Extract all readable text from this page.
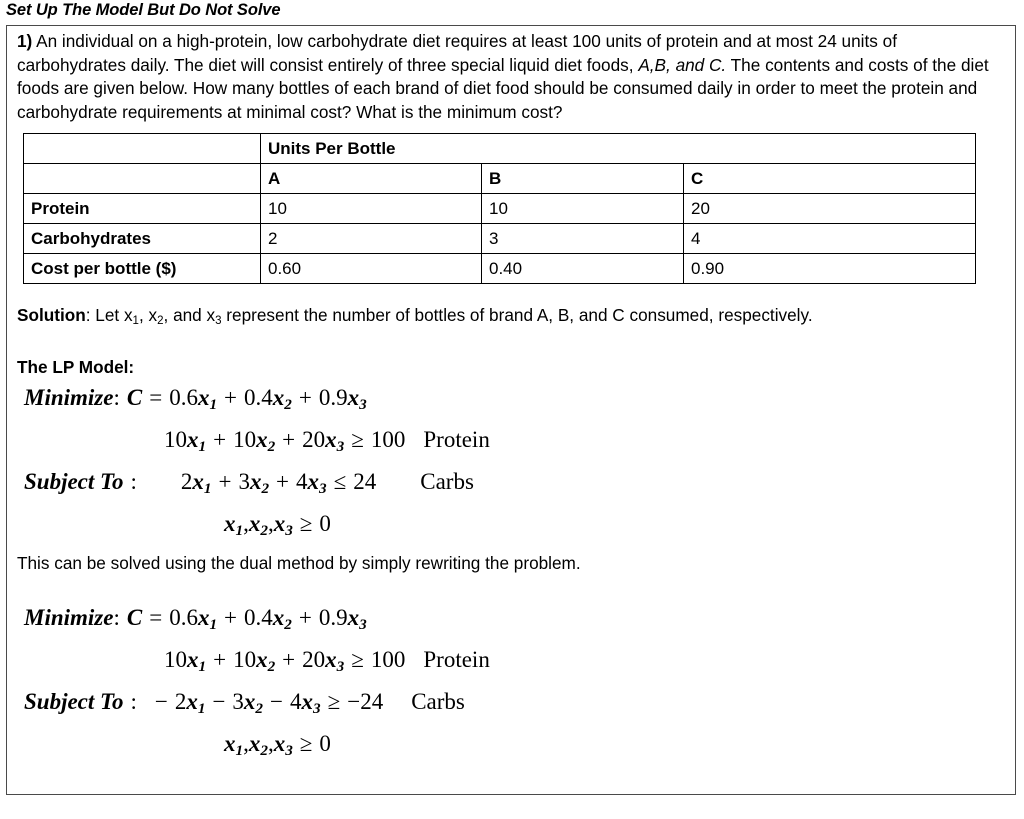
Set Up The Model But Do Not Solve

1) An individual on a high-protein, low carbohydrate diet requires at least 100 units of protein and at most 24 units of carbohydrates daily. The diet will consist entirely of three special liquid diet foods, A,B, and C. The contents and costs of the diet foods are given below. How many bottles of each brand of diet food should be consumed daily in order to meet the protein and carbohydrate requirements at minimal cost? What is the minimum cost?

	Units Per Bottle		
	A	B	C
Protein	10	10	20
Carbohydrates	2	3	4
Cost per bottle ($)	0.60	0.40	0.90

Solution: Let $x_1$, $x_2$, and $x_3$ represent the number of bottles of brand A, B, and C consumed, respectively.

The LP Model:

Minimize: C = 0.6x1 + 0.4x2 + 0.9x3
10x1 + 10x2 + 20x3 ≥ 100 Protein
Subject To : 2x1 + 3x2 + 4x3 ≤ 24 Carbs
x1,x2,x3 ≥ 0

This can be solved using the dual method by simply rewriting the problem.

Minimize: C = 0.6x1 + 0.4x2 + 0.9x3
10x1 + 10x2 + 20x3 ≥ 100 Protein
Subject To : − 2x1 − 3x2 − 4x3 ≥ −24 Carbs
x1,x2,x3 ≥ 0
